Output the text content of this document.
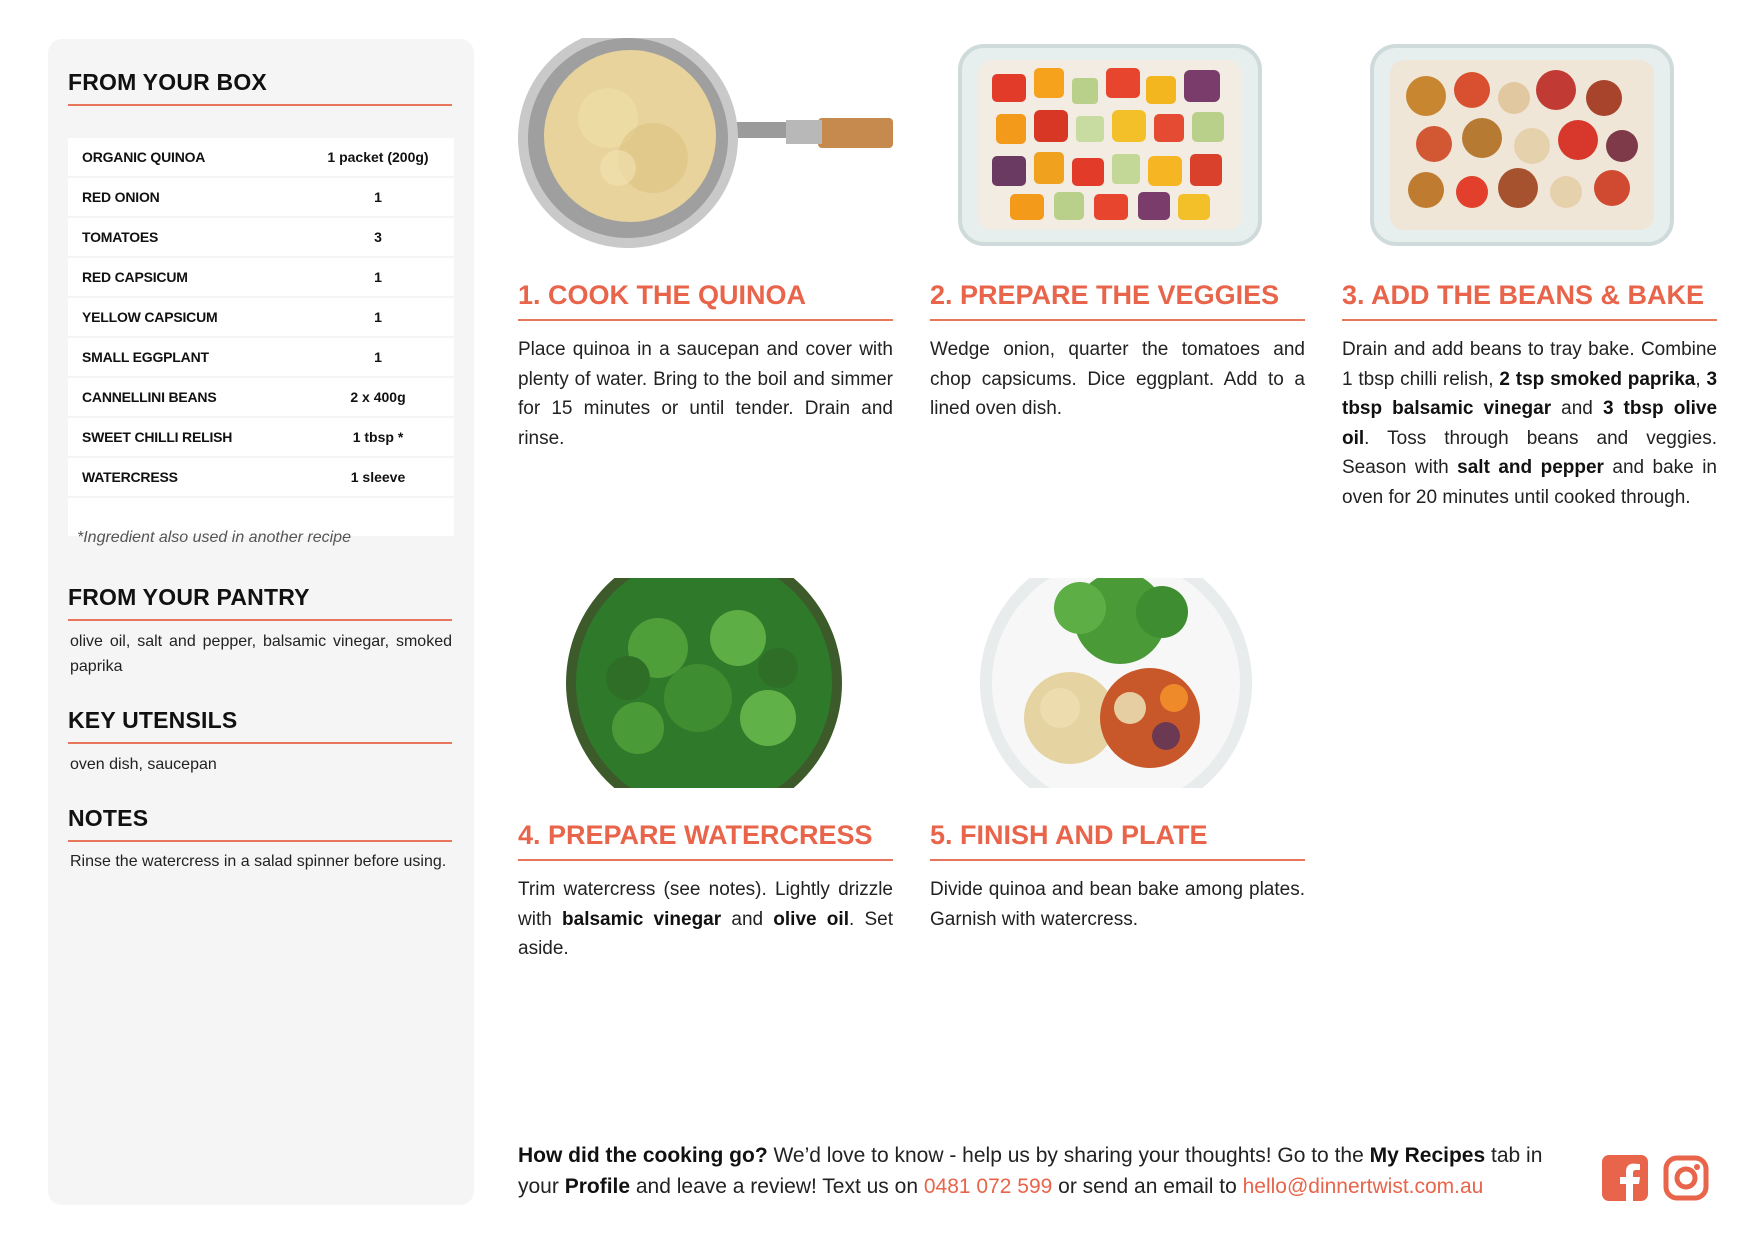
FROM YOUR BOX
ORGANIC QUINOA	1 packet (200g)
RED ONION	1
TOMATOES	3
RED CAPSICUM	1
YELLOW CAPSICUM	1
SMALL EGGPLANT	1
CANNELLINI BEANS	2 x 400g
SWEET CHILLI RELISH	1 tbsp *
WATERCRESS	1 sleeve

*Ingredient also used in another recipe

FROM YOUR PANTRY

olive oil, salt and pepper, balsamic vinegar, smoked paprika

KEY UTENSILS

oven dish, saucepan

NOTES

Rinse the watercress in a salad spinner before using.

1. COOK THE QUINOA

Place quinoa in a saucepan and cover with plenty of water. Bring to the boil and simmer for 15 minutes or until tender. Drain and rinse.

2. PREPARE THE VEGGIES

Wedge onion, quarter the tomatoes and chop capsicums. Dice eggplant. Add to a lined oven dish.

3. ADD THE BEANS & BAKE

Drain and add beans to tray bake. Combine 1 tbsp chilli relish, 2 tsp smoked paprika, 3 tbsp balsamic vinegar and 3 tbsp olive oil. Toss through beans and veggies. Season with salt and pepper and bake in oven for 20 minutes until cooked through.

4. PREPARE WATERCRESS

Trim watercress (see notes). Lightly drizzle with balsamic vinegar and olive oil. Set aside.

5. FINISH AND PLATE

Divide quinoa and bean bake among plates. Garnish with watercress.

How did the cooking go? We’d love to know - help us by sharing your thoughts! Go to the My Recipes tab in your Profile and leave a review! Text us on 0481 072 599 or send an email to hello@dinnertwist.com.au
